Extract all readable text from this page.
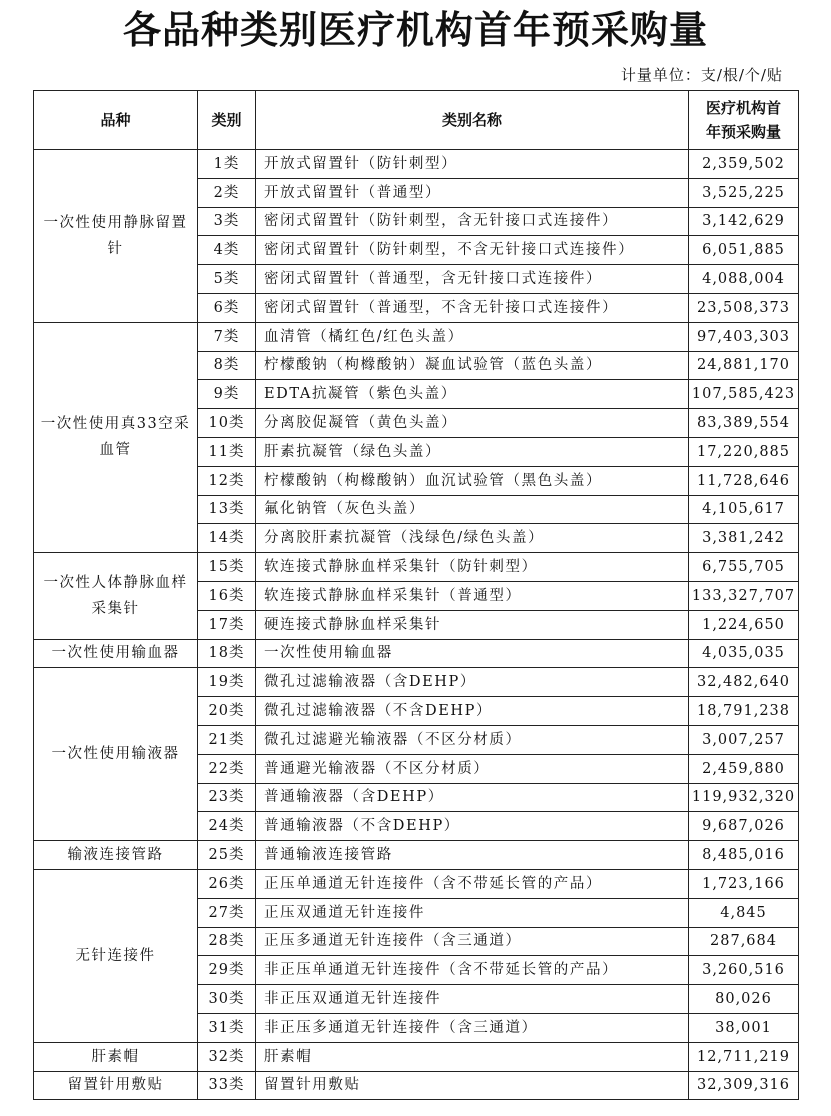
各品种类别医疗机构首年预采购量
计量单位：支/根/个/贴
品种	类别	类别名称	医疗机构首
年预采购量

一次性使用静脉留置针	1类	开放式留置针（防针刺型）	2,359,502
	2类	开放式留置针（普通型）	3,525,225
	3类	密闭式留置针（防针刺型，含无针接口式连接件）	3,142,629
	4类	密闭式留置针（防针刺型，不含无针接口式连接件）	6,051,885
	5类	密闭式留置针（普通型，含无针接口式连接件）	4,088,004
	6类	密闭式留置针（普通型，不含无针接口式连接件）	23,508,373
一次性使用真33空采血管	7类	血清管（橘红色/红色头盖）	97,403,303
	8类	柠檬酸钠（枸橼酸钠）凝血试验管（蓝色头盖）	24,881,170
	9类	EDTA抗凝管（紫色头盖）	107,585,423
	10类	分离胶促凝管（黄色头盖）	83,389,554
	11类	肝素抗凝管（绿色头盖）	17,220,885
	12类	柠檬酸钠（枸橼酸钠）血沉试验管（黑色头盖）	11,728,646
	13类	氟化钠管（灰色头盖）	4,105,617
	14类	分离胶肝素抗凝管（浅绿色/绿色头盖）	3,381,242
一次性人体静脉血样采集针	15类	软连接式静脉血样采集针（防针刺型）	6,755,705
	16类	软连接式静脉血样采集针（普通型）	133,327,707
	17类	硬连接式静脉血样采集针	1,224,650
一次性使用输血器	18类	一次性使用输血器	4,035,035
一次性使用输液器	19类	微孔过滤输液器（含DEHP）	32,482,640
	20类	微孔过滤输液器（不含DEHP）	18,791,238
	21类	微孔过滤避光输液器（不区分材质）	3,007,257
	22类	普通避光输液器（不区分材质）	2,459,880
	23类	普通输液器（含DEHP）	119,932,320
	24类	普通输液器（不含DEHP）	9,687,026
输液连接管路	25类	普通输液连接管路	8,485,016
无针连接件	26类	正压单通道无针连接件（含不带延长管的产品）	1,723,166
	27类	正压双通道无针连接件	4,845
	28类	正压多通道无针连接件（含三通道）	287,684
	29类	非正压单通道无针连接件（含不带延长管的产品）	3,260,516
	30类	非正压双通道无针连接件	80,026
	31类	非正压多通道无针连接件（含三通道）	38,001
肝素帽	32类	肝素帽	12,711,219
留置针用敷贴	33类	留置针用敷贴	32,309,316
